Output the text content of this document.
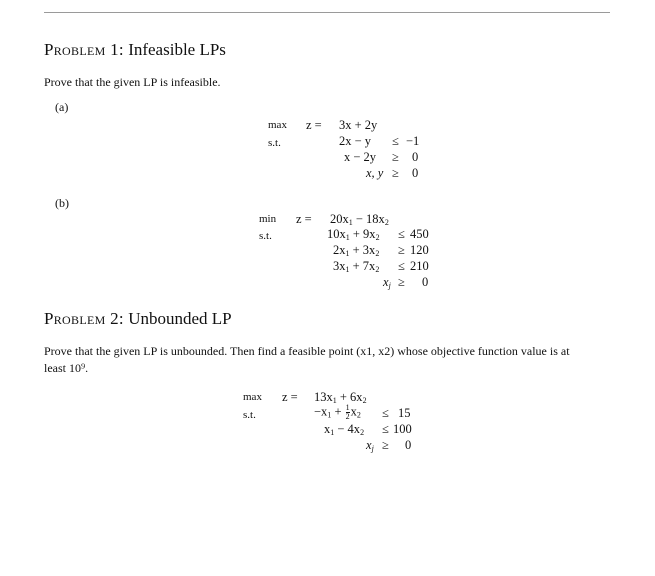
Problem 1: Infeasible LPs
Prove that the given LP is infeasible.
(a)
max z = 3x + 2y
s.t.	2x − y ≤ −1
x − 2y ≥ 0
x, y ≥ 0
(b)
$\min z = 20x_1 - 18x_2$
s.t.	$10x_1 + 9x_2 \le 450$
$2x_1 + 3x_2 \ge 120$
$3x_1 + 7x_2 \le 210$
$x_j \ge 0$
Problem 2: Unbounded LP
Prove that the given LP is unbounded. Then find a feasible point (x1, x2) whose objective function value is at
least 10⁹.
$\max z = 13x_1 + 6x_2$
s.t.	$-x_1 + \frac{1}{2} x_2 \le 15$
$x_1 - 4x_2 \le 100$
$x_j \ge 0$
